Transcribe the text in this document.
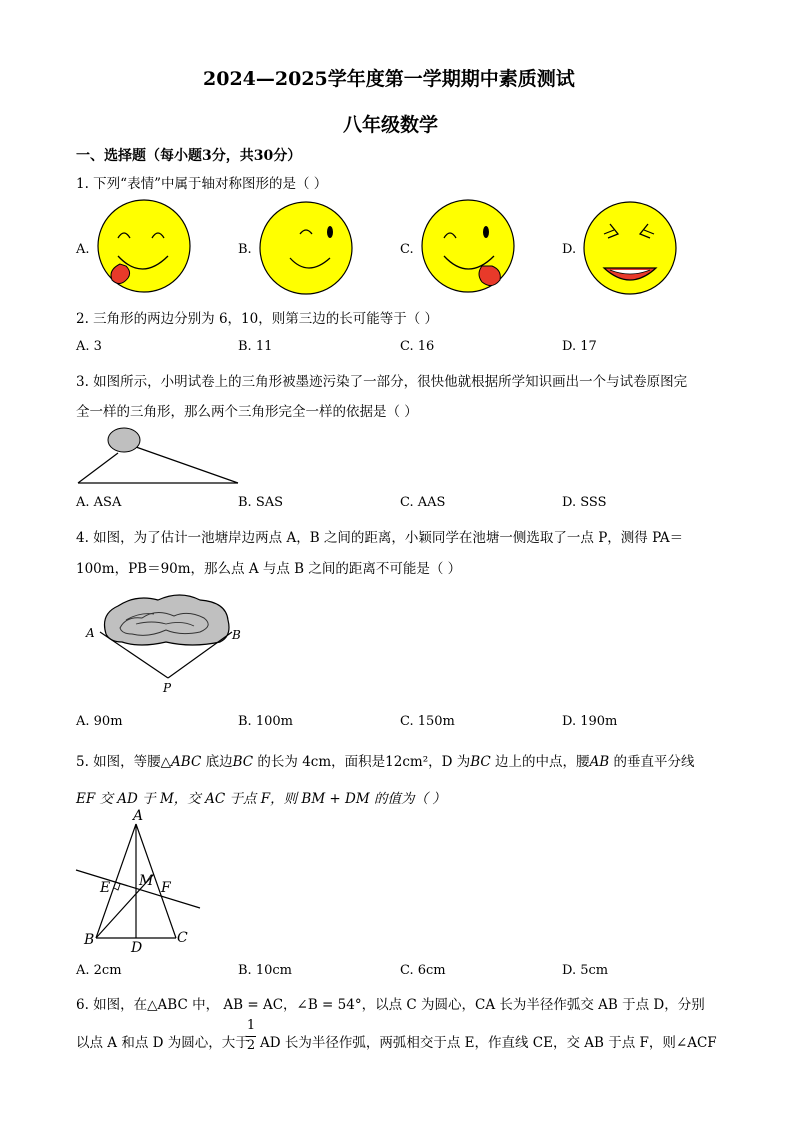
2024—2025学年度第一学期期中素质测试
八年级数学
一、选择题（每小题3分，共30分）
1. 下列“表情”中属于轴对称图形的是（ ）
A.	B.	C.	D.
2. 三角形的两边分别为 6，10，则第三边的长可能等于（ ）
A. 3	B. 11	C. 16	D. 17
3. 如图所示，小明试卷上的三角形被墨迹污染了一部分，很快他就根据所学知识画出一个与试卷原图完
全一样的三角形，那么两个三角形完全一样的依据是（ ）
A. ASA	B. SAS	C. AAS	D. SSS
4. 如图，为了估计一池塘岸边两点 A，B 之间的距离，小颖同学在池塘一侧选取了一点 P，测得 PA＝
100m，PB＝90m，那么点 A 与点 B 之间的距离不可能是（ ）
A	B
P
A. 90m	B. 100m	C. 150m	D. 190m
5. 如图，等腰△ABC 底边BC 的长为 4cm，面积是12cm²，D 为BC 边上的中点，腰AB 的垂直平分线
EF 交 AD 于 M，交 AC 于点 F，则 BM + DM 的值为（ ）
A
E M F
B	D
C
A. 2cm	B. 10cm	C. 6cm	D. 5cm
6. 如图，在△ABC 中， AB = AC，∠B = 54°，以点 C 为圆心，CA 长为半径作弧交 AB 于点 D，分别
以点 A 和点 D 为圆心，大于
1
2 AD 长为半径作弧，两弧相交于点 E，作直线 CE，交 AB 于点 F，则∠ACF
